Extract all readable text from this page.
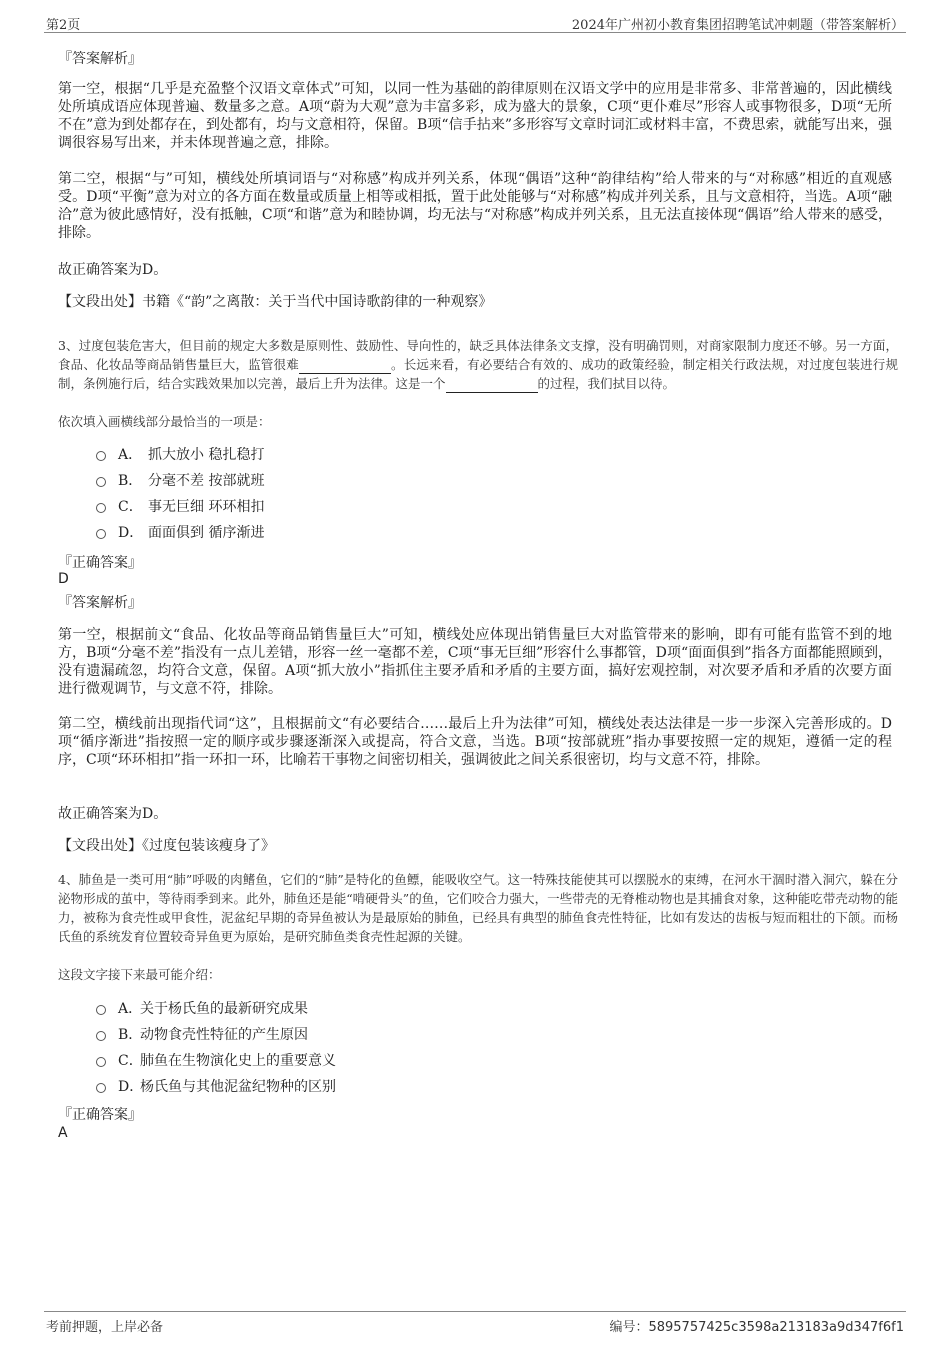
第2页	2024年广州初小教育集团招聘笔试冲刺题（带答案解析）
『答案解析』
第一空，根据“几乎是充盈整个汉语文章体式”可知，以同一性为基础的韵律原则在汉语文学中的应用是非常多、非常普遍的，因此横线处所填成语应体现普遍、数量多之意。A项“蔚为大观”意为丰富多彩，成为盛大的景象，C项“更仆难尽”形容人或事物很多，D项“无所不在”意为到处都存在，到处都有，均与文意相符，保留。B项“信手拈来”多形容写文章时词汇或材料丰富，不费思索，就能写出来，强调很容易写出来，并未体现普遍之意，排除。
第二空，根据“与”可知，横线处所填词语与“对称感”构成并列关系，体现“偶语”这种“韵律结构”给人带来的与“对称感”相近的直观感受。D项“平衡”意为对立的各方面在数量或质量上相等或相抵，置于此处能够与“对称感”构成并列关系，且与文意相符，当选。A项“融洽”意为彼此感情好，没有抵触，C项“和谐”意为和睦协调，均无法与“对称感”构成并列关系，且无法直接体现“偶语”给人带来的感受，排除。
故正确答案为D。
【文段出处】书籍《“韵”之离散：关于当代中国诗歌韵律的一种观察》
3、过度包装危害大，但目前的规定大多数是原则性、鼓励性、导向性的，缺乏具体法律条文支撑，没有明确罚则，对商家限制力度还不够。另一方面，食品、化妆品等商品销售量巨大，监管很难	。长远来看，有必要结合有效的、成功的政策经验，制定相关行政法规，对过度包装进行规制，条例施行后，结合实践效果加以完善，最后上升为法律。这是一个	的过程，我们拭目以待。
依次填入画横线部分最恰当的一项是：
A． 抓大放小 稳扎稳打
B． 分毫不差 按部就班
C． 事无巨细 环环相扣
D． 面面俱到 循序渐进
『正确答案』
D
『答案解析』
第一空，根据前文“食品、化妆品等商品销售量巨大”可知，横线处应体现出销售量巨大对监管带来的影响，即有可能有监管不到的地方，B项“分毫不差”指没有一点儿差错，形容一丝一毫都不差，C项“事无巨细”形容什么事都管，D项“面面俱到”指各方面都能照顾到，没有遗漏疏忽，均符合文意，保留。A项“抓大放小”指抓住主要矛盾和矛盾的主要方面，搞好宏观控制，对次要矛盾和矛盾的次要方面进行微观调节，与文意不符，排除。
第二空，横线前出现指代词“这”，且根据前文“有必要结合……最后上升为法律”可知，横线处表达法律是一步一步深入完善形成的。D项“循序渐进”指按照一定的顺序或步骤逐渐深入或提高，符合文意，当选。B项“按部就班”指办事要按照一定的规矩，遵循一定的程序，C项“环环相扣”指一环扣一环，比喻若干事物之间密切相关，强调彼此之间关系很密切，均与文意不符，排除。
故正确答案为D。
【文段出处】《过度包装该瘦身了》
4、肺鱼是一类可用“肺”呼吸的肉鳍鱼，它们的“肺”是特化的鱼鳔，能吸收空气。这一特殊技能使其可以摆脱水的束缚，在河水干涸时潜入洞穴，躲在分泌物形成的茧中，等待雨季到来。此外，肺鱼还是能“啃硬骨头”的鱼，它们咬合力强大，一些带壳的无脊椎动物也是其捕食对象，这种能吃带壳动物的能力，被称为食壳性或甲食性，泥盆纪早期的奇异鱼被认为是最原始的肺鱼，已经具有典型的肺鱼食壳性特征，比如有发达的齿板与短而粗壮的下颌。而杨氏鱼的系统发育位置较奇异鱼更为原始，是研究肺鱼类食壳性起源的关键。
这段文字接下来最可能介绍：
A．
关于杨氏鱼的最新研究成果
B．
动物食壳性特征的产生原因
C．
肺鱼在生物演化史上的重要意义
D．
杨氏鱼与其他泥盆纪物种的区别
『正确答案』
A
考前押题，上岸必备	编号：5895757425c3598a213183a9d347f6f1
